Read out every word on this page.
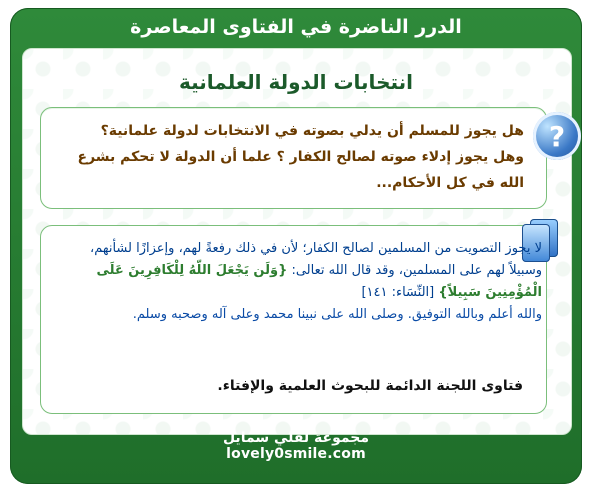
الدرر الناضرة في الفتاوى المعاصرة
انتخابات الدولة العلمانية
?
هل يجوز للمسلم أن يدلي بصوته في الانتخابات لدولة علمانية؟ وهل يجوز إدلاء صوته لصالح الكفار ؟ علما أن الدولة لا تحكم بشرع الله في كل الأحكام...
لا يجوز التصويت من المسلمين لصالح الكفار؛ لأن في ذلك رفعةً لهم، وإعزازًا لشأنهم، وسبيلاً لهم على المسلمين، وقد قال الله تعالى: {وَلَن يَجْعَلَ اللّهُ لِلْكَافِرِينَ عَلَى الْمُؤْمِنِينَ سَبِيلاً} [النِّسَاء: ١٤١]
والله أعلم وبالله التوفيق. وصلى الله على نبينا محمد وعلى آله وصحبه وسلم.
فتاوى اللجنة الدائمة للبحوث العلمية والإفتاء.
مجموعة لفلي سمايل
lovely0smile.com
